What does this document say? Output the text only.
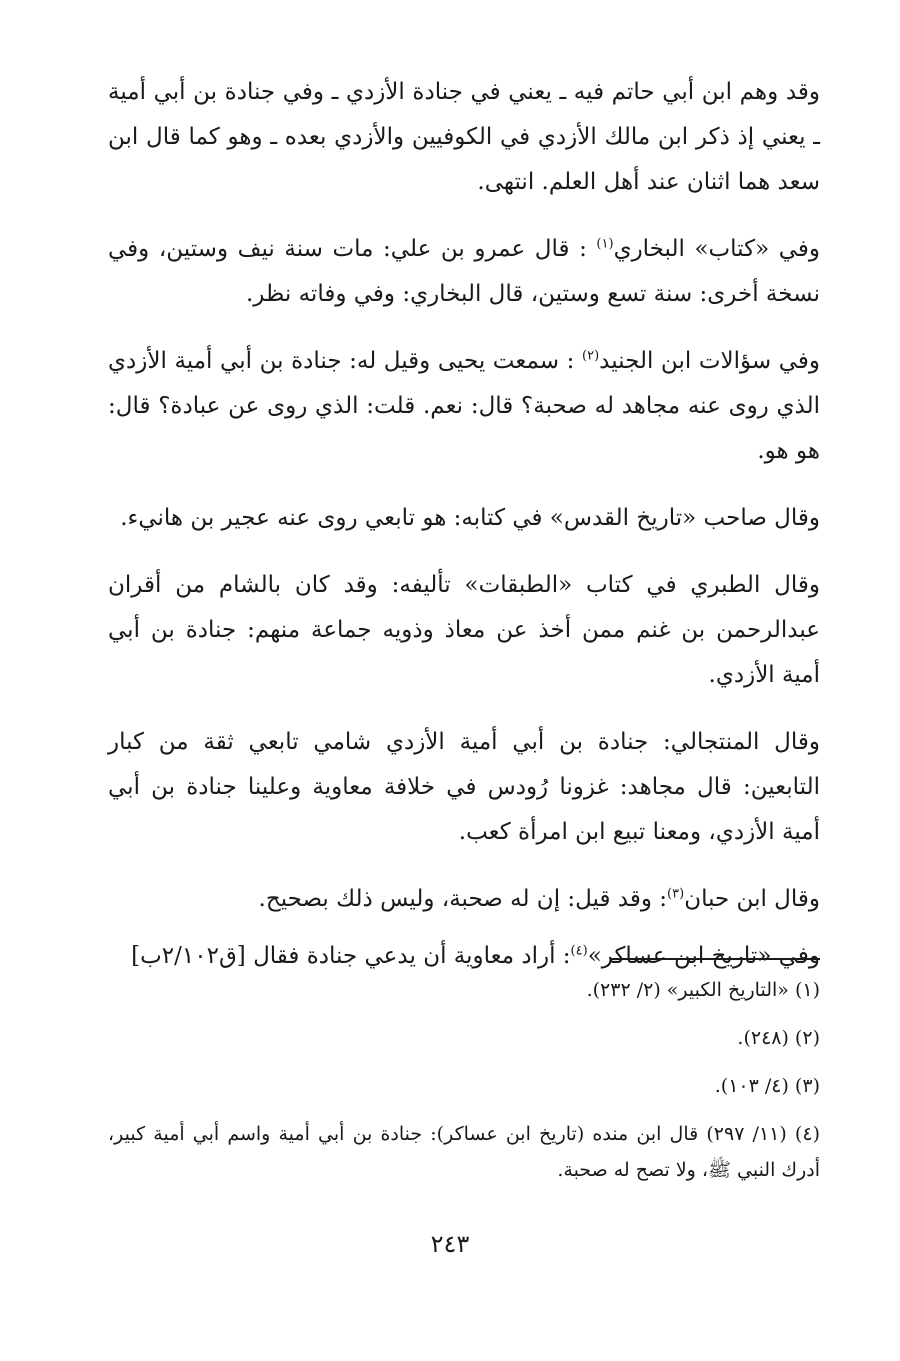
وقد وهم ابن أبي حاتم فيه ـ يعني في جنادة الأزدي ـ وفي جنادة بن أبي أمية ـ يعني إذ ذكر ابن مالك الأزدي في الكوفيين والأزدي بعده ـ وهو كما قال ابن سعد هما اثنان عند أهل العلم. انتهى.

وفي «كتاب» البخاري$^{(١)}$ : قال عمرو بن علي: مات سنة نيف وستين، وفي نسخة أخرى: سنة تسع وستين، قال البخاري: وفي وفاته نظر.

وفي سؤالات ابن الجنيد$^{(٢)}$ : سمعت يحيى وقيل له: جنادة بن أبي أمية الأزدي الذي روى عنه مجاهد له صحبة؟ قال: نعم. قلت: الذي روى عن عبادة؟ قال: هو هو.

وقال صاحب «تاريخ القدس» في كتابه: هو تابعي روى عنه عجير بن هانيء.

وقال الطبري في كتاب «الطبقات» تأليفه: وقد كان بالشام من أقران عبدالرحمن بن غنم ممن أخذ عن معاذ وذويه جماعة منهم: جنادة بن أبي أمية الأزدي.

وقال المنتجالي: جنادة بن أبي أمية الأزدي شامي تابعي ثقة من كبار التابعين: قال مجاهد: غزونا رُودس في خلافة معاوية وعلينا جنادة بن أبي أمية الأزدي، ومعنا تبيع ابن امرأة كعب.

وقال ابن حبان$^{(٣)}$: وقد قيل: إن له صحبة، وليس ذلك بصحيح.

وفي «تاريخ ابن عساكر»$^{(٤)}$: أراد معاوية أن يدعي جنادة فقال [ق٢/١٠٢ب]

(١) «التاريخ الكبير» (٢/ ٢٣٢).

(٢) (٢٤٨).

(٣) (٤/ ١٠٣).

(٤) (١١/ ٢٩٧) قال ابن منده (تاريخ ابن عساكر): جنادة بن أبي أمية واسم أبي أمية كبير، أدرك النبي ﷺ، ولا تصح له صحبة.

٢٤٣
